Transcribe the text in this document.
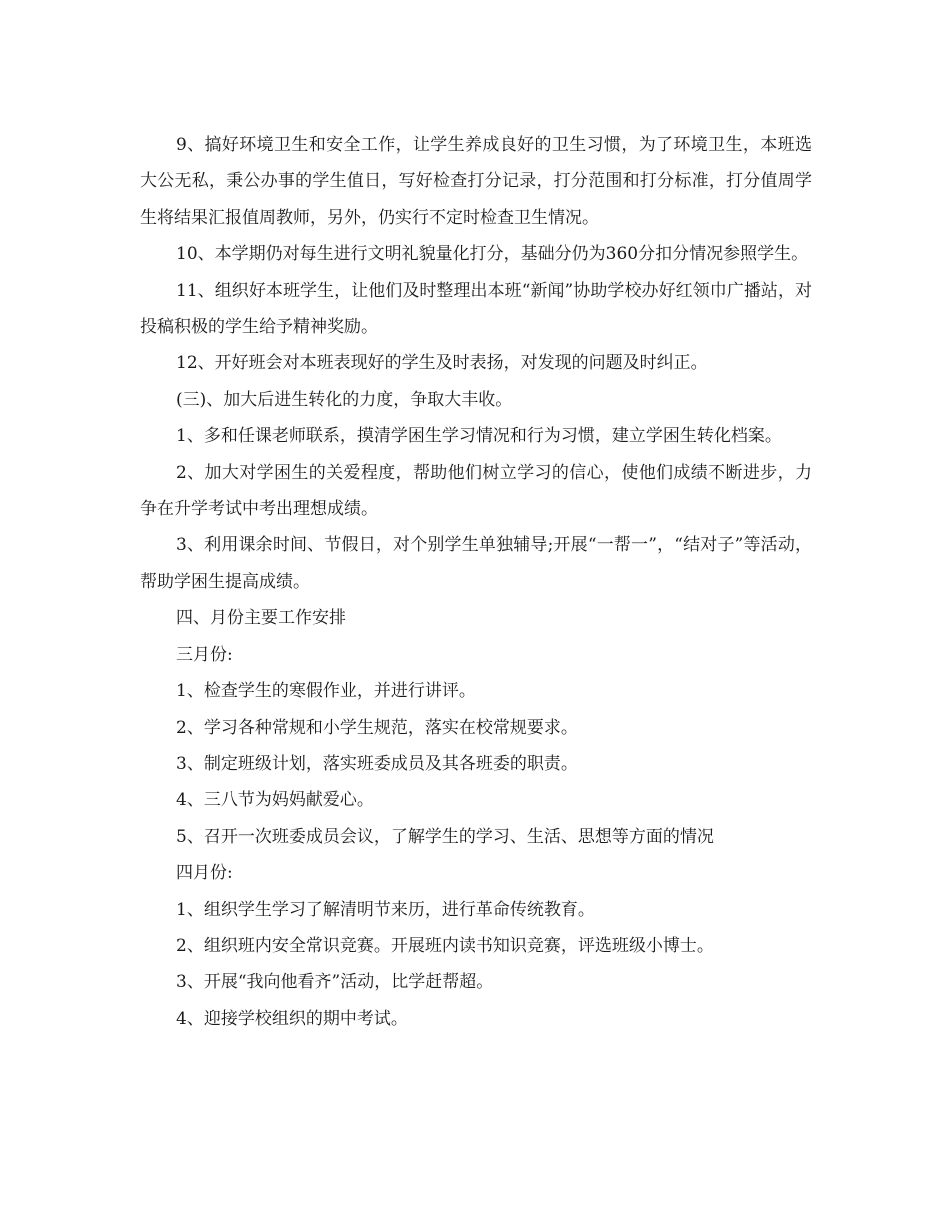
9、搞好环境卫生和安全工作，让学生养成良好的卫生习惯，为了环境卫生，本班选大公无私，秉公办事的学生值日，写好检查打分记录，打分范围和打分标准，打分值周学生将结果汇报值周教师，另外，仍实行不定时检查卫生情况。

10、本学期仍对每生进行文明礼貌量化打分，基础分仍为360分扣分情况参照学生。

11、组织好本班学生，让他们及时整理出本班“新闻”协助学校办好红领巾广播站，对投稿积极的学生给予精神奖励。

12、开好班会对本班表现好的学生及时表扬，对发现的问题及时纠正。

(三)、加大后进生转化的力度，争取大丰收。

1、多和任课老师联系，摸清学困生学习情况和行为习惯，建立学困生转化档案。

2、加大对学困生的关爱程度，帮助他们树立学习的信心，使他们成绩不断进步，力争在升学考试中考出理想成绩。

3、利用课余时间、节假日，对个别学生单独辅导;开展“一帮一”，“结对子”等活动，帮助学困生提高成绩。

四、月份主要工作安排

三月份:

1、检查学生的寒假作业，并进行讲评。

2、学习各种常规和小学生规范，落实在校常规要求。

3、制定班级计划，落实班委成员及其各班委的职责。

4、三八节为妈妈献爱心。

5、召开一次班委成员会议，了解学生的学习、生活、思想等方面的情况

四月份:

1、组织学生学习了解清明节来历，进行革命传统教育。

2、组织班内安全常识竞赛。开展班内读书知识竞赛，评选班级小博士。

3、开展“我向他看齐”活动，比学赶帮超。

4、迎接学校组织的期中考试。
